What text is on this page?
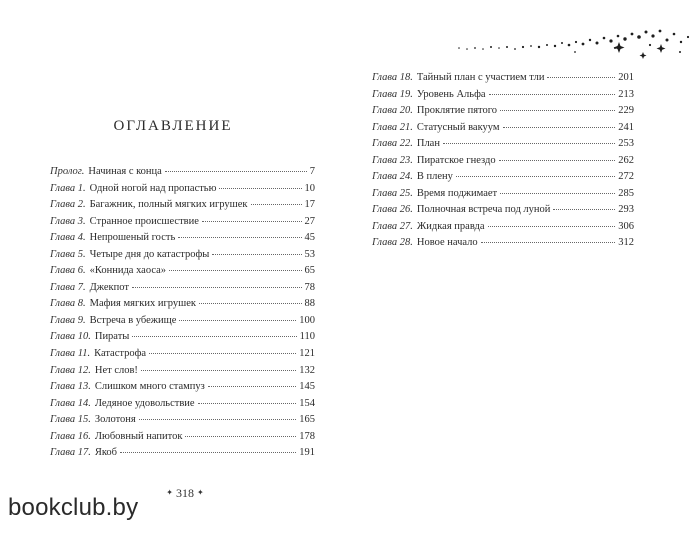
ОГЛАВЛЕНИЕ
Пролог. Начиная с конца	7
Глава 1. Одной ногой над пропастью	10
Глава 2. Багажник, полный мягких игрушек	17
Глава 3. Странное происшествие	27
Глава 4. Непрошеный гость	45
Глава 5. Четыре дня до катастрофы	53
Глава 6. «Коннида хаоса»	65
Глава 7. Джекпот	78
Глава 8. Мафия мягких игрушек	88
Глава 9. Встреча в убежище	100
Глава 10. Пираты	110
Глава 11. Катастрофа	121
Глава 12. Нет слов!	132
Глава 13. Слишком много стампуз	145
Глава 14. Ледяное удовольствие	154
Глава 15. Золотоня	165
Глава 16. Любовный напиток	178
Глава 17. Якоб	191
Глава 18. Тайный план с участием тли	201
Глава 19. Уровень Альфа	213
Глава 20. Проклятие пятого	229
Глава 21. Статусный вакуум	241
Глава 22. План	253
Глава 23. Пиратское гнездо	262
Глава 24. В плену	272
Глава 25. Время поджимает	285
Глава 26. Полночная встреча под луной	293
Глава 27. Жидкая правда	306
Глава 28. Новое начало	312
✦ 318 ✦
bookclub.by
